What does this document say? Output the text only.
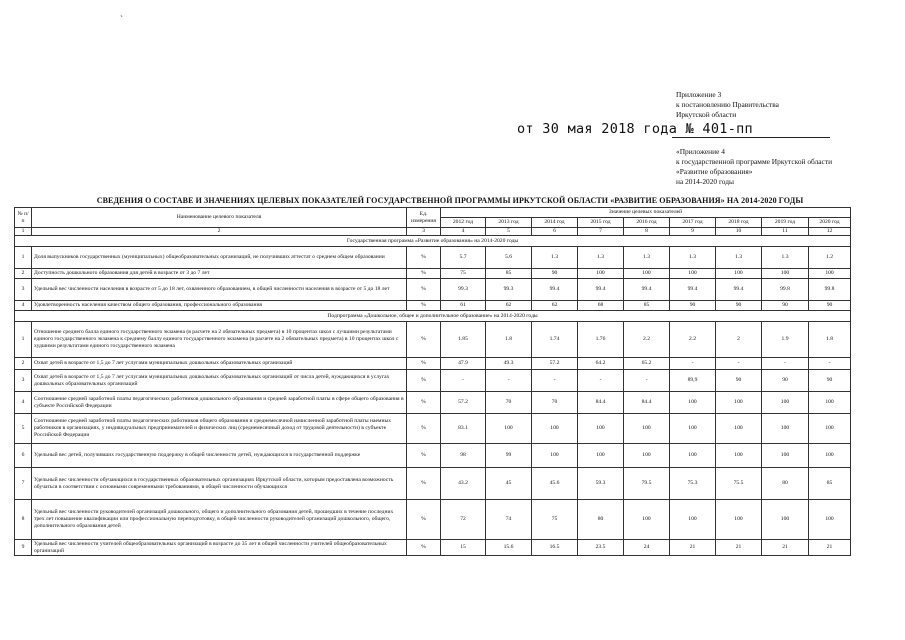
`
Приложение 3
к постановлению Правительства
Иркутской области
от 30 мая 2018 года № 401-пп
«Приложение 4
к государственной программе Иркутской области
«Развитие образования»
на 2014-2020 годы
СВЕДЕНИЯ О СОСТАВЕ И ЗНАЧЕНИЯХ ЦЕЛЕВЫХ ПОКАЗАТЕЛЕЙ ГОСУДАРСТВЕННОЙ ПРОГРАММЫ ИРКУТСКОЙ ОБЛАСТИ «РАЗВИТИЕ ОБРАЗОВАНИЯ» НА 2014-2020 ГОДЫ
№ п/п	Наименование целевого показателя	Ед. измерения	Значение целевых показателей								
			2012 год	2013 год	2014 год	2015 год	2016 год	2017 год	2018 год	2019 год	2020 год
1	2	3	4	5	6	7	8	9	10	11	12
Государственная программа «Развитие образования» на 2014-2020 годы											
1	Доля выпускников государственных (муниципальных) общеобразовательных организаций, не получивших аттестат о среднем общем образовании	%	5.7	5.6	1.3	1.3	1.3	1.3	1.3	1.3	1.2
2	Доступность дошкольного образования для детей в возрасте от 3 до 7 лет	%	75	85	90	100	100	100	100	100	100
3	Удельный вес численности населения в возрасте от 5 до 18 лет, охваченного образованием, в общей численности населения в возрасте от 5 до 18 лет	%	99.3	99.3	99.4	99.4	99.4	99.4	99.4	99.8	99.8
4	Удовлетворенность населения качеством общего образования, профессионального образования	%	61	62	62	68	85	90	90	90	90
Подпрограмма «Дошкольное, общее и дополнительное образование» на 2014-2020 годы											
1	Отношение среднего балла единого государственного экзамена (в расчете на 2 обязательных предмета) в 10 процентах школ с лучшими результатами единого государственного экзамена к среднему баллу единого государственного экзамена (в расчете на 2 обязательных предмета) в 10 процентах школ с худшими результатами единого государственного экзамена	%	1.85	1.8	1.74	1.76	2.2	2.2	2	1.9	1.8
2	Охват детей в возрасте от 1,5 до 7 лет услугами муниципальных дошкольных образовательных организаций	%	47.9	49.3	57.2	64.2	65.2	-	-	-	-
3	Охват детей в возрасте от 1,5 до 7 лет услугами муниципальных дошкольных образовательных организаций от числа детей, нуждающихся в услугах дошкольных образовательных организаций	%	-	-	-	-	-	89,9	90	90	90
4	Соотношение средней заработной платы педагогических работников дошкольного образования и средней заработной платы в сфере общего образования в субъекте Российской Федерации	%	57.2	70	70	84.4	84.4	100	100	100	100
5	Соотношение средней заработной платы педагогических работников общего образования и среднемесячной начисленной заработной платы наемных работников в организациях, у индивидуальных предпринимателей и физических лиц (среднемесячный доход от трудовой деятельности) в субъекте Российской Федерации	%	83.1	100	100	100	100	100	100	100	100
6	Удельный вес детей, получивших государственную поддержку в общей численности детей, нуждающихся в государственной поддержке	%	98	99	100	100	100	100	100	100	100
7	Удельный вес численности обучающихся в государственных образовательных организациях Иркутской области, которым предоставлена возможность обучаться в соответствии с основными современными требованиями, в общей численности обучающихся	%	43.2	45	45.6	59.3	79.5	75.3	75.5	80	85
8	Удельный вес численности руководителей организаций дошкольного, общего и дополнительного образования детей, прошедших в течение последних трех лет повышение квалификации или профессиональную переподготовку, в общей численности руководителей организаций дошкольного, общего, дополнительного образования детей	%	72	74	75	80	100	100	100	100	100
9	Удельный вес численности учителей общеобразовательных организаций в возрасте до 35 лет в общей численности учителей общеобразовательных организаций	%	15	15.6	16.5	23.5	24	21	21	21	21
